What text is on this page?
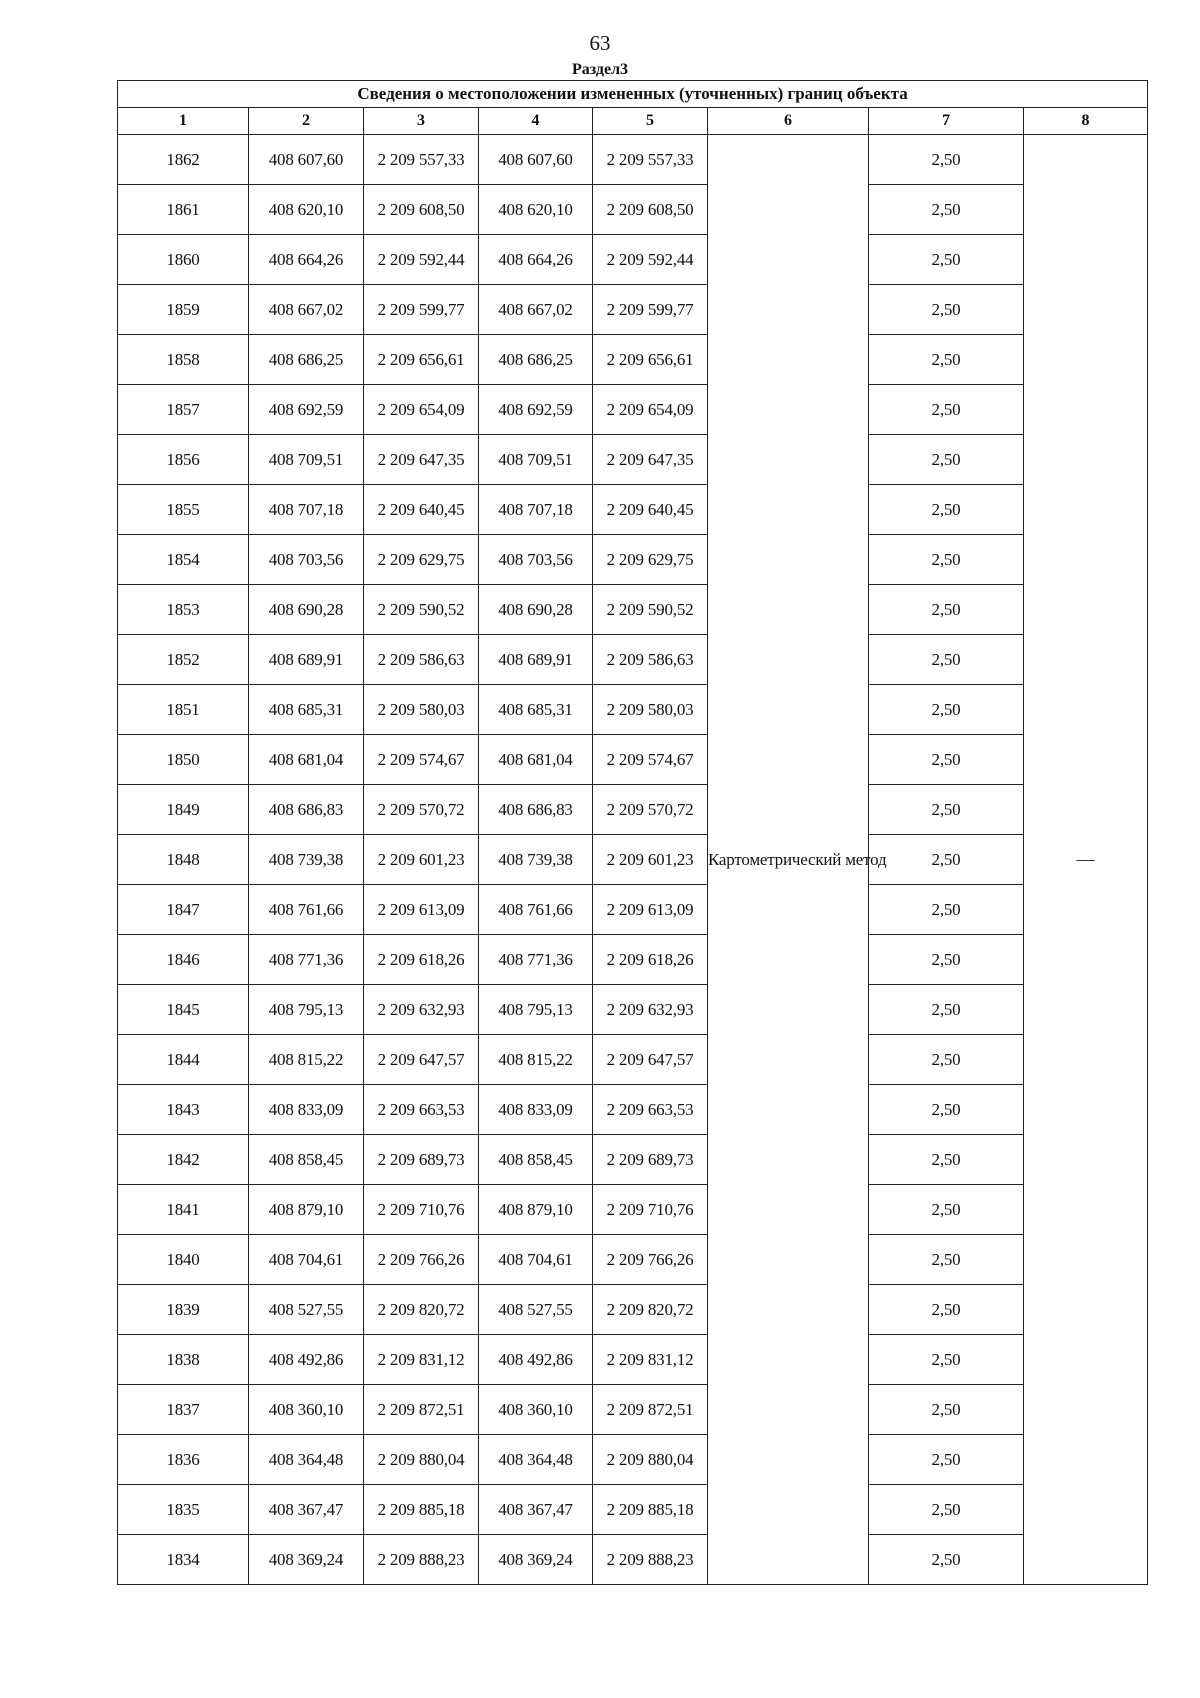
63
Раздел3
Сведения о местоположении измененных (уточненных) границ объекта							
1	2	3	4	5	6	7	8
1862	408 607,60	2 209 557,33	408 607,60	2 209 557,33	Картометрический метод	2,50	—
1861	408 620,10	2 209 608,50	408 620,10	2 209 608,50		2,50	
1860	408 664,26	2 209 592,44	408 664,26	2 209 592,44		2,50	
1859	408 667,02	2 209 599,77	408 667,02	2 209 599,77		2,50	
1858	408 686,25	2 209 656,61	408 686,25	2 209 656,61		2,50	
1857	408 692,59	2 209 654,09	408 692,59	2 209 654,09		2,50	
1856	408 709,51	2 209 647,35	408 709,51	2 209 647,35		2,50	
1855	408 707,18	2 209 640,45	408 707,18	2 209 640,45		2,50	
1854	408 703,56	2 209 629,75	408 703,56	2 209 629,75		2,50	
1853	408 690,28	2 209 590,52	408 690,28	2 209 590,52		2,50	
1852	408 689,91	2 209 586,63	408 689,91	2 209 586,63		2,50	
1851	408 685,31	2 209 580,03	408 685,31	2 209 580,03		2,50	
1850	408 681,04	2 209 574,67	408 681,04	2 209 574,67		2,50	
1849	408 686,83	2 209 570,72	408 686,83	2 209 570,72		2,50	
1848	408 739,38	2 209 601,23	408 739,38	2 209 601,23		2,50	
1847	408 761,66	2 209 613,09	408 761,66	2 209 613,09		2,50	
1846	408 771,36	2 209 618,26	408 771,36	2 209 618,26		2,50	
1845	408 795,13	2 209 632,93	408 795,13	2 209 632,93		2,50	
1844	408 815,22	2 209 647,57	408 815,22	2 209 647,57		2,50	
1843	408 833,09	2 209 663,53	408 833,09	2 209 663,53		2,50	
1842	408 858,45	2 209 689,73	408 858,45	2 209 689,73		2,50	
1841	408 879,10	2 209 710,76	408 879,10	2 209 710,76		2,50	
1840	408 704,61	2 209 766,26	408 704,61	2 209 766,26		2,50	
1839	408 527,55	2 209 820,72	408 527,55	2 209 820,72		2,50	
1838	408 492,86	2 209 831,12	408 492,86	2 209 831,12		2,50	
1837	408 360,10	2 209 872,51	408 360,10	2 209 872,51		2,50	
1836	408 364,48	2 209 880,04	408 364,48	2 209 880,04		2,50	
1835	408 367,47	2 209 885,18	408 367,47	2 209 885,18		2,50	
1834	408 369,24	2 209 888,23	408 369,24	2 209 888,23		2,50	
